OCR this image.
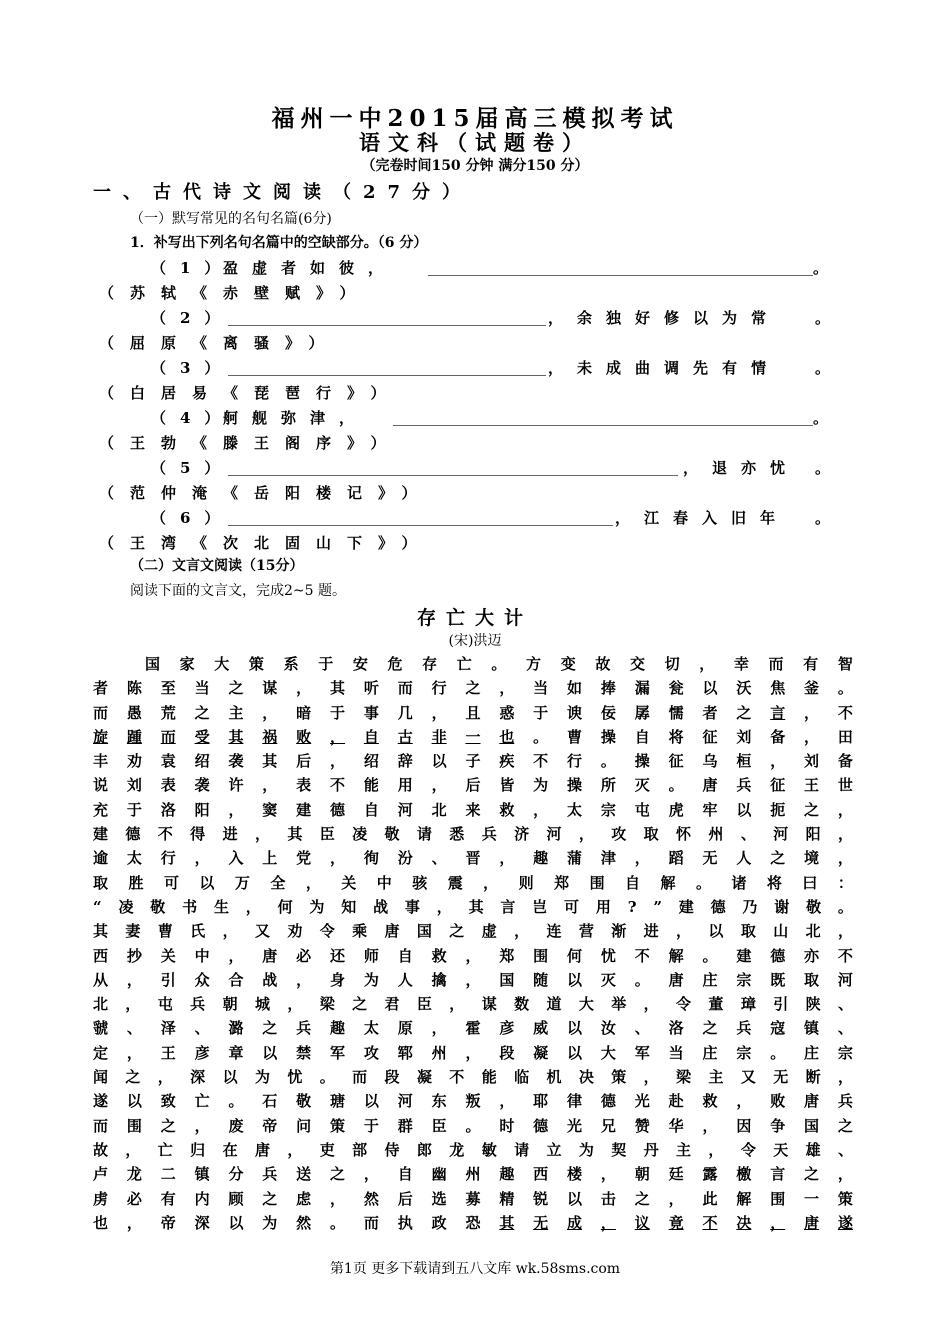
福州一中2015届高三模拟考试
语文科（试题卷）
（完卷时间150 分钟 满分150 分）
一、古代诗文阅读（27分）
（一）默写常见的名句名篇(6分)
1．补写出下列名句名篇中的空缺部分。（6 分）
（1）
盈虚者如彼，	。
（苏轼《赤壁赋》）
（2）	，余独好修以为常 。
（屈原《离骚》）
（3）	，未成曲调先有情 。
（白居易《琵琶行》）
（4）
舸舰弥津，	。
（王勃《滕王阁序》）
（5）	，退亦忧 。
（范仲淹《岳阳楼记》）
（6）	，江春入旧年 。
（王湾《次北固山下》）
（二）文言文阅读（15分）
阅读下面的文言文，完成2~5 题。
存亡大计
(宋)洪迈
国 家 大 策 系 于 安 危 存 亡 。 方 变 故 交 切 ， 幸 而 有 智
者 陈 至 当 之 谋 ， 其 听 而 行 之 ， 当 如 捧 漏 瓮 以 沃 焦 釜 。
而 愚 荒 之 主 ， 暗 于 事 几 ， 且 惑 于 谀 佞 孱 懦 者 之 言 ， 不
旋 踵 而 受 其 祸 败 ， 自 古 非 一 也 。 曹 操 自 将 征 刘 备 ， 田
丰 劝 袁 绍 袭 其 后 ， 绍 辞 以 子 疾 不 行 。 操 征 乌 桓 ， 刘 备
说 刘 表 袭 许 ， 表 不 能 用 ， 后 皆 为 操 所 灭 。 唐 兵 征 王 世
充 于 洛 阳 ， 窦 建 德 自 河 北 来 救 ， 太 宗 屯 虎 牢 以 扼 之 ，
建 德 不 得 进 ， 其 臣 凌 敬 请 悉 兵 济 河 ， 攻 取 怀 州 、 河 阳 ，
逾 太 行 ， 入 上 党 ， 徇 汾 、 晋 ， 趣 蒲 津 ， 蹈 无 人 之 境 ，
取 胜 可 以 万 全 ， 关 中 骇 震 ， 则 郑 围 自 解 。 诸 将 曰 ：
“ 凌 敬 书 生 ， 何 为 知 战 事 ， 其 言 岂 可 用 ? ” 建 德 乃 谢 敬 。
其 妻 曹 氏 ， 又 劝 令 乘 唐 国 之 虚 ， 连 营 渐 进 ， 以 取 山 北 ，
西 抄 关 中 ， 唐 必 还 师 自 救 ， 郑 围 何 忧 不 解 。 建 德 亦 不
从 ， 引 众 合 战 ， 身 为 人 擒 ， 国 随 以 灭 。 唐 庄 宗 既 取 河
北 ， 屯 兵 朝 城 ， 梁 之 君 臣 ， 谋 数 道 大 举 ， 令 董 璋 引 陕 、
虢 、 泽 、 潞 之 兵 趣 太 原 ， 霍 彦 威 以 汝 、 洛 之 兵 寇 镇 、
定 ， 王 彦 章 以 禁 军 攻 郓 州 ， 段 凝 以 大 军 当 庄 宗 。 庄 宗
闻 之 ， 深 以 为 忧 。 而 段 凝 不 能 临 机 决 策 ， 梁 主 又 无 断 ，
遂 以 致 亡 。 石 敬 瑭 以 河 东 叛 ， 耶 律 德 光 赴 救 ， 败 唐 兵
而 围 之 ， 废 帝 问 策 于 群 臣 。 时 德 光 兄 赞 华 ， 因 争 国 之
故 ， 亡 归 在 唐 ， 吏 部 侍 郎 龙 敏 请 立 为 契 丹 主 ， 令 天 雄 、
卢 龙 二 镇 分 兵 送 之 ， 自 幽 州 趣 西 楼 ， 朝 廷 露 檄 言 之 ，
虏 必 有 内 顾 之 虑 ， 然 后 选 募 精 锐 以 击 之 ， 此 解 围 一 策
也 ， 帝 深 以 为 然 。 而 执 政 恐 其 无 成 ， 议 竟 不 决 ， 唐 遂
第1页 更多下载请到五八文库 wk.58sms.com
